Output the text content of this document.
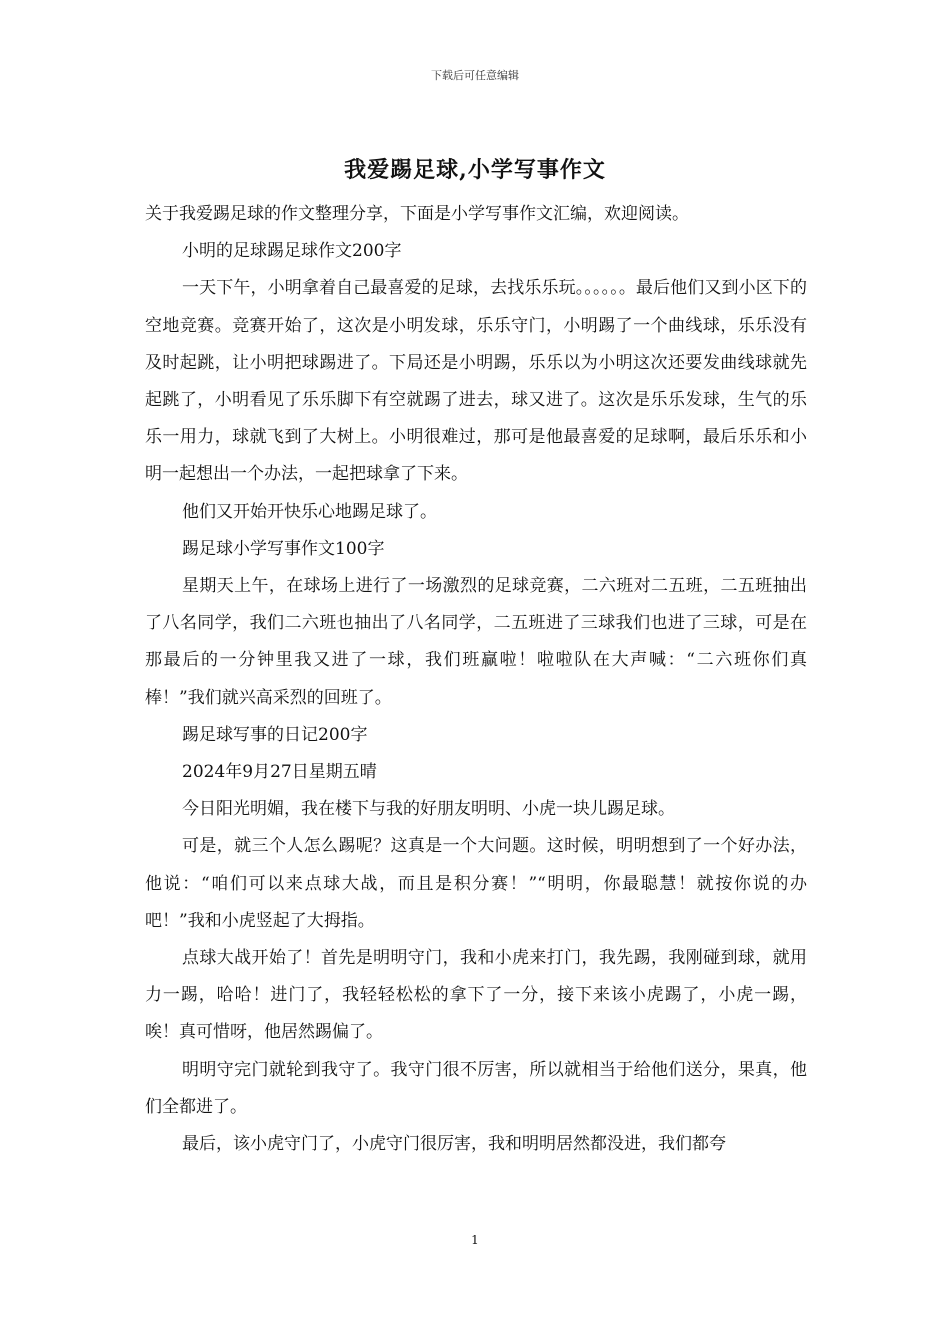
下载后可任意编辑
我爱踢足球,小学写事作文

关于我爱踢足球的作文整理分享，下面是小学写事作文汇编，欢迎阅读。

小明的足球踢足球作文200字

一天下午，小明拿着自己最喜爱的足球，去找乐乐玩。。。。。。最后他们又到小区下的空地竞赛。竞赛开始了，这次是小明发球，乐乐守门，小明踢了一个曲线球，乐乐没有及时起跳，让小明把球踢进了。下局还是小明踢，乐乐以为小明这次还要发曲线球就先起跳了，小明看见了乐乐脚下有空就踢了进去，球又进了。这次是乐乐发球，生气的乐乐一用力，球就飞到了大树上。小明很难过，那可是他最喜爱的足球啊，最后乐乐和小明一起想出一个办法，一起把球拿了下来。

他们又开始开快乐心地踢足球了。

踢足球小学写事作文100字

星期天上午，在球场上进行了一场激烈的足球竞赛，二六班对二五班，二五班抽出了八名同学，我们二六班也抽出了八名同学，二五班进了三球我们也进了三球，可是在那最后的一分钟里我又进了一球，我们班赢啦！啦啦队在大声喊：“二六班你们真棒！”我们就兴高采烈的回班了。

踢足球写事的日记200字

2024年9月27日星期五晴

今日阳光明媚，我在楼下与我的好朋友明明、小虎一块儿踢足球。

可是，就三个人怎么踢呢？这真是一个大问题。这时候，明明想到了一个好办法，他说：“咱们可以来点球大战，而且是积分赛！”“明明，你最聪慧！就按你说的办吧！”我和小虎竖起了大拇指。

点球大战开始了！首先是明明守门，我和小虎来打门，我先踢，我刚碰到球，就用力一踢，哈哈！进门了，我轻轻松松的拿下了一分，接下来该小虎踢了，小虎一踢，唉！真可惜呀，他居然踢偏了。

明明守完门就轮到我守了。我守门很不厉害，所以就相当于给他们送分，果真，他们全都进了。

最后，该小虎守门了，小虎守门很厉害，我和明明居然都没进，我们都夸

1
